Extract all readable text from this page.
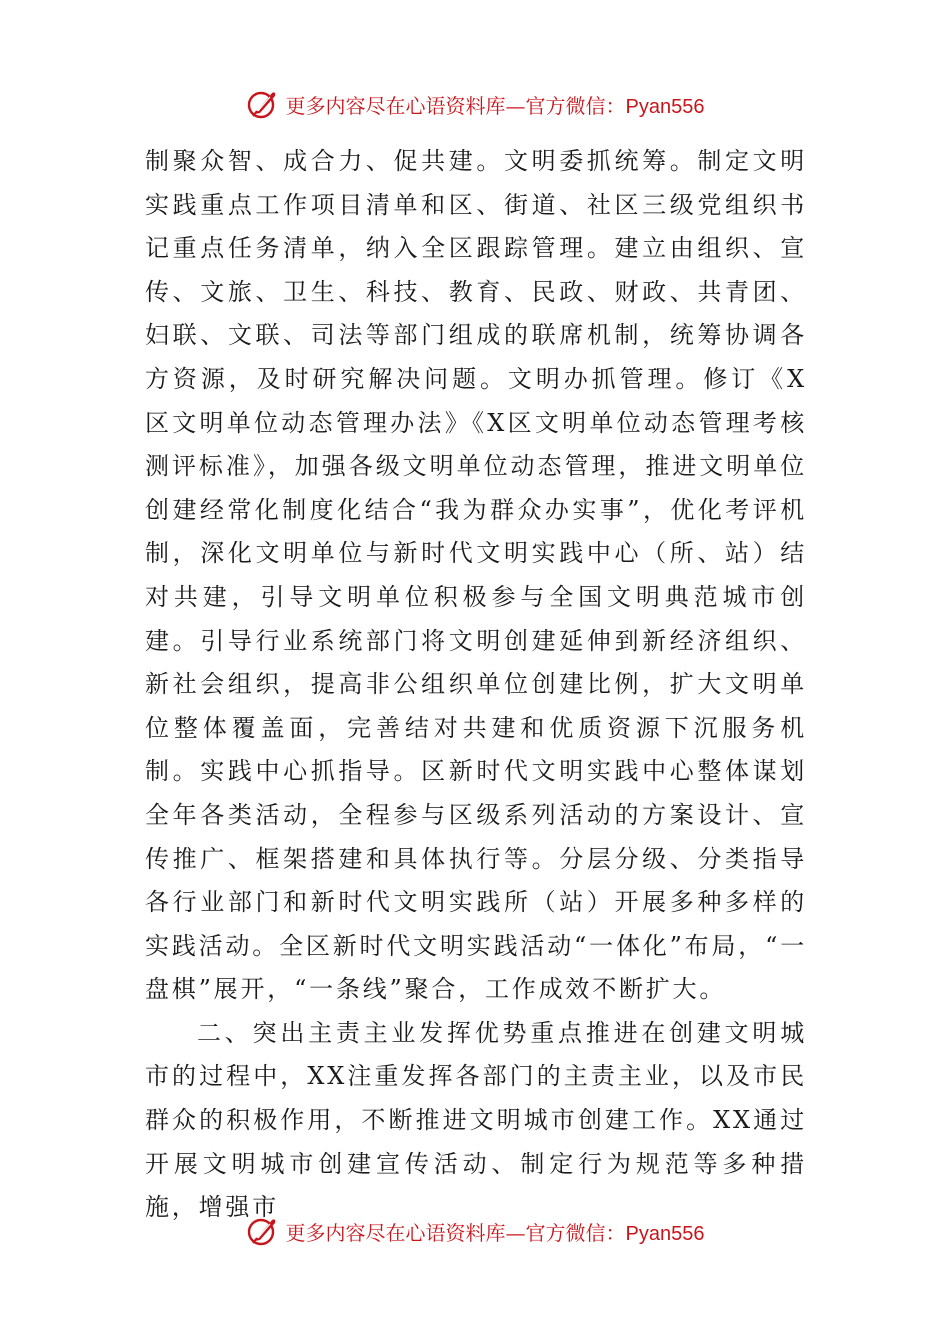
更多内容尽在心语资料库—官方微信：Pyan556

制聚众智、成合力、促共建。文明委抓统筹。制定文明实践重点工作项目清单和区、街道、社区三级党组织书记重点任务清单，纳入全区跟踪管理。建立由组织、宣传、文旅、卫生、科技、教育、民政、财政、共青团、妇联、文联、司法等部门组成的联席机制，统筹协调各方资源，及时研究解决问题。文明办抓管理。修订《X区文明单位动态管理办法》《X区文明单位动态管理考核测评标准》，加强各级文明单位动态管理，推进文明单位创建经常化制度化结合“我为群众办实事”，优化考评机制，深化文明单位与新时代文明实践中心（所、站）结对共建，引导文明单位积极参与全国文明典范城市创建。引导行业系统部门将文明创建延伸到新经济组织、新社会组织，提高非公组织单位创建比例，扩大文明单位整体覆盖面，完善结对共建和优质资源下沉服务机制。实践中心抓指导。区新时代文明实践中心整体谋划全年各类活动，全程参与区级系列活动的方案设计、宣传推广、框架搭建和具体执行等。分层分级、分类指导各行业部门和新时代文明实践所（站）开展多种多样的实践活动。全区新时代文明实践活动“一体化”布局，“一盘棋”展开，“一条线”聚合，工作成效不断扩大。

二、突出主责主业发挥优势重点推进在创建文明城市的过程中，XX注重发挥各部门的主责主业，以及市民群众的积极作用，不断推进文明城市创建工作。XX通过开展文明城市创建宣传活动、制定行为规范等多种措施，增强市

更多内容尽在心语资料库—官方微信：Pyan556
